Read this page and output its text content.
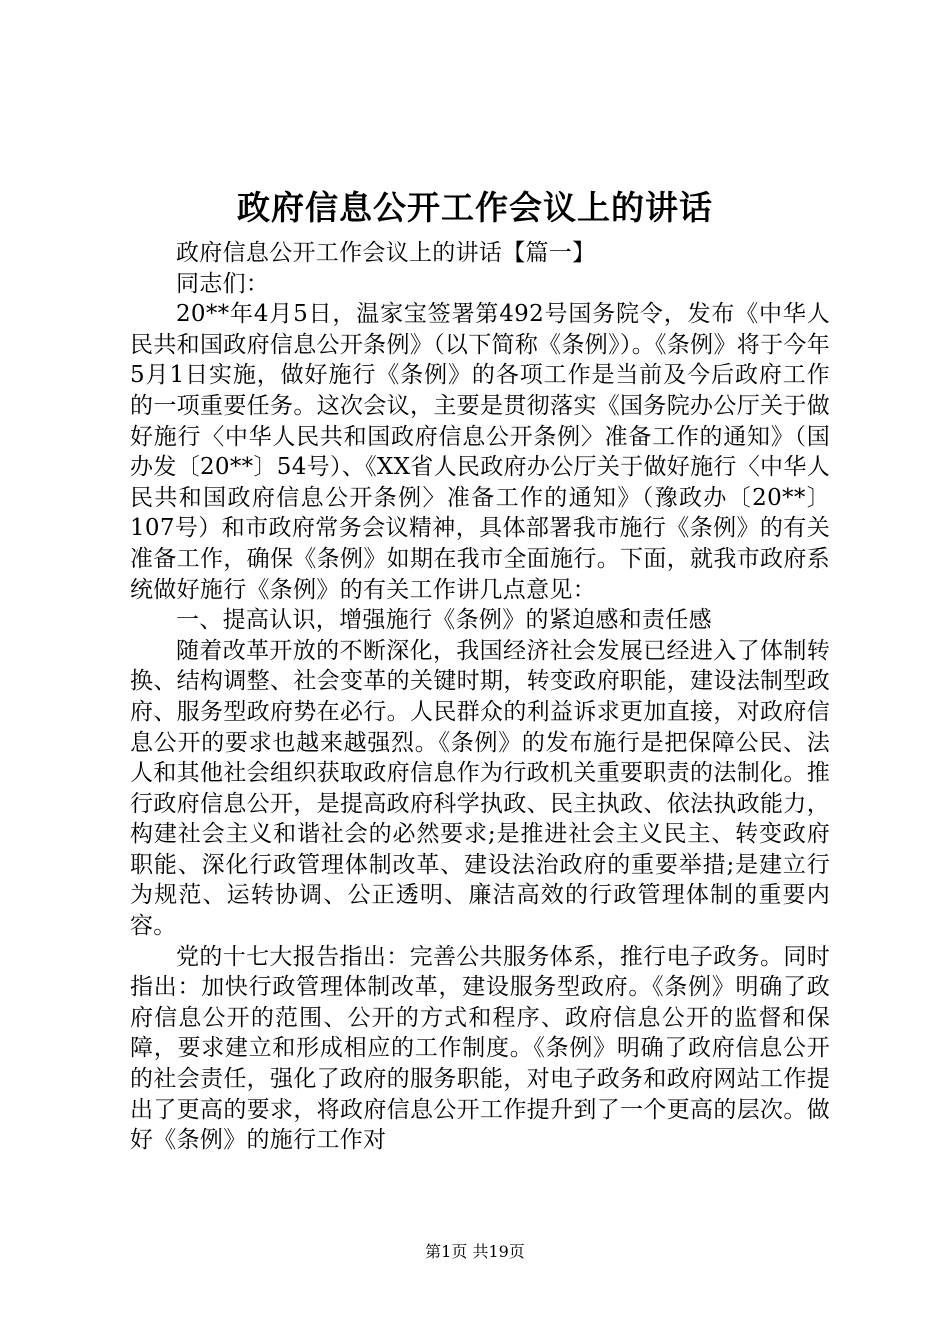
政府信息公开工作会议上的讲话

政府信息公开工作会议上的讲话【篇一】

同志们：

20**年4月5日，温家宝签署第492号国务院令，发布《中华人民共和国政府信息公开条例》（以下简称《条例》）。《条例》将于今年5月1日实施，做好施行《条例》的各项工作是当前及今后政府工作的一项重要任务。这次会议，主要是贯彻落实《国务院办公厅关于做好施行〈中华人民共和国政府信息公开条例〉准备工作的通知》（国办发〔20**〕54号）、《XX省人民政府办公厅关于做好施行〈中华人民共和国政府信息公开条例〉准备工作的通知》（豫政办〔20**〕107号）和市政府常务会议精神，具体部署我市施行《条例》的有关准备工作，确保《条例》如期在我市全面施行。下面，就我市政府系统做好施行《条例》的有关工作讲几点意见：

一、提高认识，增强施行《条例》的紧迫感和责任感

随着改革开放的不断深化，我国经济社会发展已经进入了体制转换、结构调整、社会变革的关键时期，转变政府职能，建设法制型政府、服务型政府势在必行。人民群众的利益诉求更加直接，对政府信息公开的要求也越来越强烈。《条例》的发布施行是把保障公民、法人和其他社会组织获取政府信息作为行政机关重要职责的法制化。推行政府信息公开，是提高政府科学执政、民主执政、依法执政能力，构建社会主义和谐社会的必然要求;是推进社会主义民主、转变政府职能、深化行政管理体制改革、建设法治政府的重要举措;是建立行为规范、运转协调、公正透明、廉洁高效的行政管理体制的重要内容。

党的十七大报告指出：完善公共服务体系，推行电子政务。同时指出：加快行政管理体制改革，建设服务型政府。《条例》明确了政府信息公开的范围、公开的方式和程序、政府信息公开的监督和保障，要求建立和形成相应的工作制度。《条例》明确了政府信息公开的社会责任，强化了政府的服务职能，对电子政务和政府网站工作提出了更高的要求，将政府信息公开工作提升到了一个更高的层次。做好《条例》的施行工作对

第1页 共19页
